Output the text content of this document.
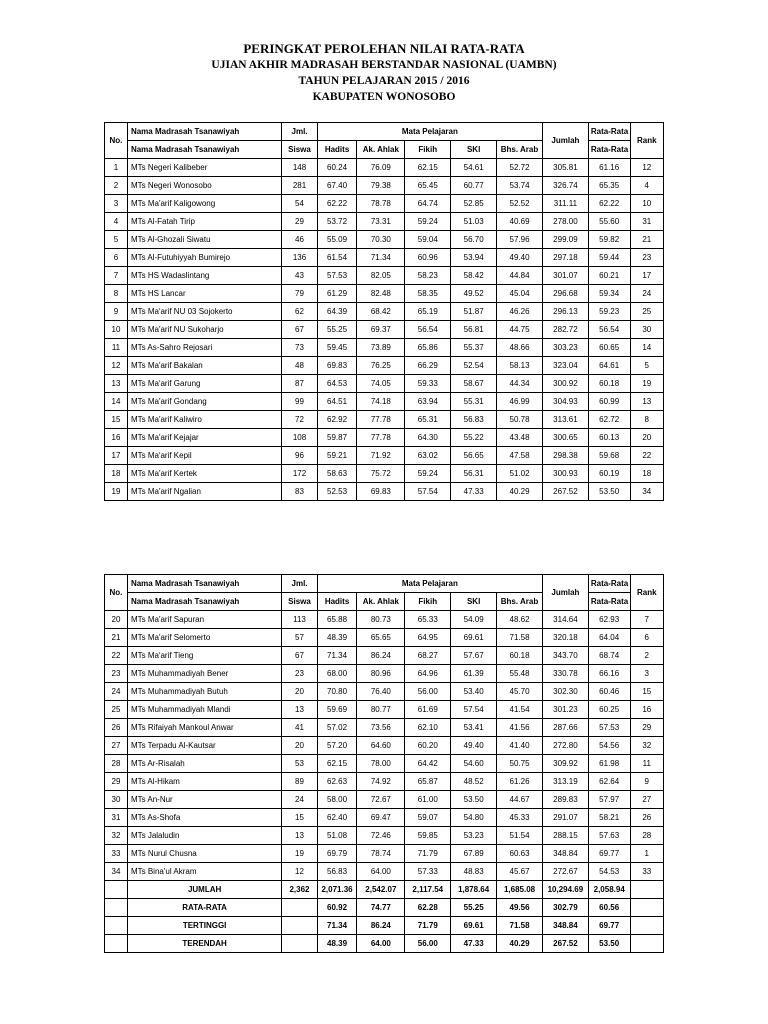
PERINGKAT PEROLEHAN NILAI RATA-RATA
UJIAN AKHIR MADRASAH BERSTANDAR NASIONAL (UAMBN)
TAHUN PELAJARAN 2015 / 2016
KABUPATEN WONOSOBO
No.	Nama Madrasah Tsanawiyah	Jml.	Mata Pelajaran					Jumlah	Rata-Rata	Rank
	Nama Madrasah Tsanawiyah	Siswa	Hadits	Ak. Ahlak	Fikih	SKI	Bhs. Arab		Rata-Rata	
1	MTs Negeri Kalibeber	148	60.24	76.09	62.15	54.61	52.72	305.81	61.16	12
2	MTs Negeri Wonosobo	281	67.40	79.38	65.45	60.77	53.74	326.74	65.35	4
3	MTs Ma'arif Kaligowong	54	62.22	78.78	64.74	52.85	52.52	311.11	62.22	10
4	MTs Al-Fatah Tirip	29	53.72	73.31	59.24	51.03	40.69	278.00	55.60	31
5	MTs Al-Ghozali Siwatu	46	55.09	70.30	59.04	56.70	57.96	299.09	59.82	21
6	MTs Al-Futuhiyyah Bumirejo	136	61.54	71.34	60.96	53.94	49.40	297.18	59.44	23
7	MTs HS Wadaslintang	43	57.53	82.05	58.23	58.42	44.84	301.07	60.21	17
8	MTs HS Lancar	79	61.29	82.48	58.35	49.52	45.04	296.68	59.34	24
9	MTs Ma'arif NU 03 Sojokerto	62	64.39	68.42	65.19	51.87	46.26	296.13	59.23	25
10	MTs Ma'arif NU Sukoharjo	67	55.25	69.37	56.54	56.81	44.75	282.72	56.54	30
11	MTs As-Sahro Rejosari	73	59.45	73.89	65.86	55.37	48.66	303.23	60.65	14
12	MTs Ma'arif Bakalan	48	69.83	76.25	66.29	52.54	58.13	323.04	64.61	5
13	MTs Ma'arif Garung	87	64.53	74.05	59.33	58.67	44.34	300.92	60.18	19
14	MTs Ma'arif Gondang	99	64.51	74.18	63.94	55.31	46.99	304.93	60.99	13
15	MTs Ma'arif Kaliwiro	72	62.92	77.78	65.31	56.83	50.78	313.61	62.72	8
16	MTs Ma'arif Kejajar	108	59.87	77.78	64.30	55.22	43.48	300.65	60.13	20
17	MTs Ma'arif Kepil	96	59.21	71.92	63.02	56.65	47.58	298.38	59.68	22
18	MTs Ma'arif Kertek	172	58.63	75.72	59.24	56.31	51.02	300.93	60.19	18
19	MTs Ma'arif Ngalian	83	52.53	69.83	57.54	47.33	40.29	267.52	53.50	34
No.	Nama Madrasah Tsanawiyah	Jml.	Mata Pelajaran					Jumlah	Rata-Rata	Rank
	Nama Madrasah Tsanawiyah	Siswa	Hadits	Ak. Ahlak	Fikih	SKI	Bhs. Arab		Rata-Rata	
20	MTs Ma'arif Sapuran	113	65.88	80.73	65.33	54.09	48.62	314.64	62.93	7
21	MTs Ma'arif Selomerto	57	48.39	65.65	64.95	69.61	71.58	320.18	64.04	6
22	MTs Ma'arif Tieng	67	71.34	86.24	68.27	57.67	60.18	343.70	68.74	2
23	MTs Muhammadiyah Bener	23	68.00	80.96	64.96	61.39	55.48	330.78	66.16	3
24	MTs Muhammadiyah Butuh	20	70.80	76.40	56.00	53.40	45.70	302.30	60.46	15
25	MTs Muhammadiyah Mlandi	13	59.69	80.77	61.69	57.54	41.54	301.23	60.25	16
26	MTs Rifaiyah Mankoul Anwar	41	57.02	73.56	62.10	53.41	41.56	287.66	57.53	29
27	MTs Terpadu Al-Kautsar	20	57.20	64.60	60.20	49.40	41.40	272.80	54.56	32
28	MTs Ar-Risalah	53	62.15	78.00	64.42	54.60	50.75	309.92	61.98	11
29	MTs Al-Hikam	89	62.63	74.92	65.87	48.52	61.26	313.19	62.64	9
30	MTs An-Nur	24	58.00	72.67	61.00	53.50	44.67	289.83	57.97	27
31	MTs As-Shofa	15	62.40	69.47	59.07	54.80	45.33	291.07	58.21	26
32	MTs Jalaludin	13	51.08	72.46	59.85	53.23	51.54	288.15	57.63	28
33	MTs Nurul Chusna	19	69.79	78.74	71.79	67.89	60.63	348.84	69.77	1
34	MTs Bina'ul Akram	12	56.83	64.00	57.33	48.83	45.67	272.67	54.53	33
	JUMLAH	2,362	2,071.36	2,542.07	2,117.54	1,878.64	1,685.08	10,294.69	2,058.94	
	RATA-RATA		60.92	74.77	62.28	55.25	49.56	302.79	60.56	
	TERTINGGI		71.34	86.24	71.79	69.61	71.58	348.84	69.77	
	TERENDAH		48.39	64.00	56.00	47.33	40.29	267.52	53.50	
